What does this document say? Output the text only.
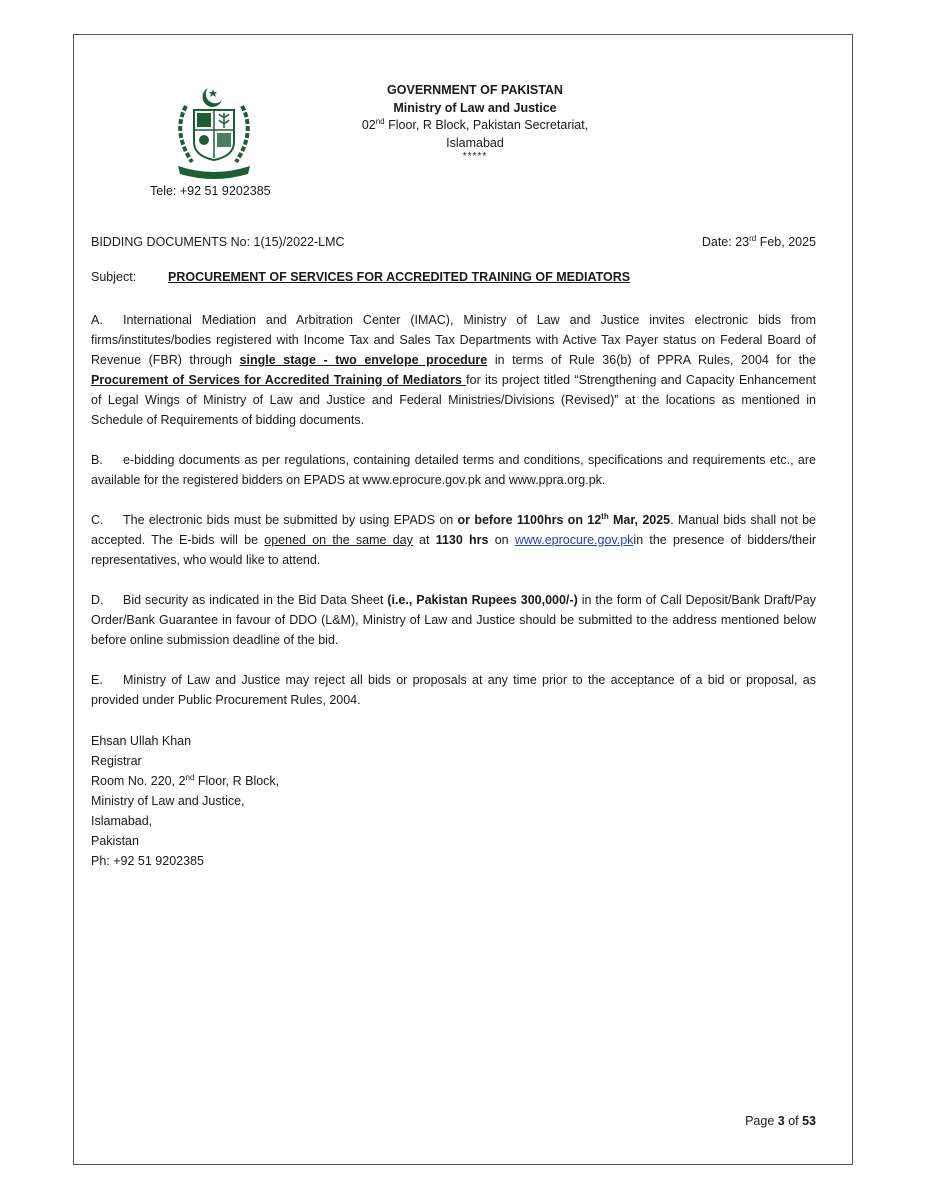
GOVERNMENT OF PAKISTAN
Ministry of Law and Justice
02nd Floor, R Block, Pakistan Secretariat,
Islamabad
*****
Tele: +92 51 9202385
BIDDING DOCUMENTS No: 1(15)/2022-LMC	Date: 23rd Feb, 2025
Subject:	PROCUREMENT OF SERVICES FOR ACCREDITED TRAINING OF MEDIATORS
A. International Mediation and Arbitration Center (IMAC), Ministry of Law and Justice invites electronic bids from firms/institutes/bodies registered with Income Tax and Sales Tax Departments with Active Tax Payer status on Federal Board of Revenue (FBR) through single stage - two envelope procedure in terms of Rule 36(b) of PPRA Rules, 2004 for the Procurement of Services for Accredited Training of Mediators for its project titled “Strengthening and Capacity Enhancement of Legal Wings of Ministry of Law and Justice and Federal Ministries/Divisions (Revised)” at the locations as mentioned in Schedule of Requirements of bidding documents.
B. e-bidding documents as per regulations, containing detailed terms and conditions, specifications and requirements etc., are available for the registered bidders on EPADS at www.eprocure.gov.pk and www.ppra.org.pk.
C. The electronic bids must be submitted by using EPADS on or before 1100hrs on 12th Mar, 2025. Manual bids shall not be accepted. The E-bids will be opened on the same day at 1130 hrs on www.eprocure.gov.pkin the presence of bidders/their representatives, who would like to attend.
D. Bid security as indicated in the Bid Data Sheet (i.e., Pakistan Rupees 300,000/-) in the form of Call Deposit/Bank Draft/Pay Order/Bank Guarantee in favour of DDO (L&M), Ministry of Law and Justice should be submitted to the address mentioned below before online submission deadline of the bid.
E. Ministry of Law and Justice may reject all bids or proposals at any time prior to the acceptance of a bid or proposal, as provided under Public Procurement Rules, 2004.
Ehsan Ullah Khan
Registrar
Room No. 220, 2nd Floor, R Block,
Ministry of Law and Justice,
Islamabad,
Pakistan
Ph: +92 51 9202385
Page 3 of 53
